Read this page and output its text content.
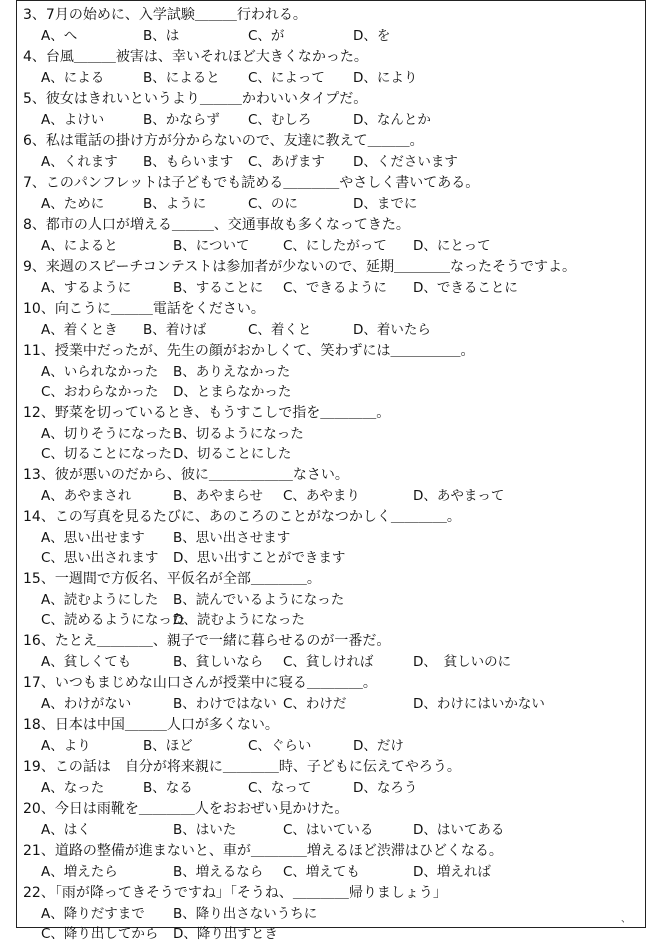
3、7月の始めに、入学試験＿＿＿行われる。
A、へ	B、は	C、が	D、を
4、台風＿＿＿被害は、幸いそれほど大きくなかった。
A、による	B、によると C、によって D、により
5、彼女はきれいというより＿＿＿かわいいタイプだ。
A、よけい	B、かならず C、むしろ	D、なんとか
6、私は電話の掛け方が分からないので、友達に教えて＿＿＿。
A、くれます B、もらいます C、あげます D、くださいます
7、このパンフレットは子どもでも読める＿＿＿＿やさしく書いてある。
A、ために	B、ように	C、のに	D、までに
8、都市の人口が増える＿＿＿、交通事故も多くなってきた。
A、によると	B、について C、にしたがって D、にとって
9、来週のスピーチコンテストは参加者が少ないので、延期＿＿＿＿なったそうですよ。
A、するように	B、することに C、できるように D、できることに
10、向こうに＿＿＿電話をください。
A、着くとき B、着けば	C、着くと	D、着いたら
11、授業中だったが、先生の顔がおかしくて、笑わずには＿＿＿＿＿。
A、いられなかった B、ありえなかった
C、おわらなかった D、とまらなかった
12、野菜を切っているとき、もうすこしで指を＿＿＿＿。
A、切りそうになった B、切るようになった
C、切ることになった D、切ることにした
13、彼が悪いのだから、彼に＿＿＿＿＿＿なさい。
A、あやまされ	B、あやまらせ C、あやまり	D、あやまって
14、この写真を見るたびに、あのころのことがなつかしく＿＿＿＿。
A、思い出せます B、思い出させます
C、思い出されます D、思い出すことができます
15、一週間で方仮名、平仮名が全部＿＿＿＿。
A、読むようにした B、読んでいるようになった
C、読めるようになった
D、読むようになった
16、たとえ＿＿＿＿、親子で一緒に暮らせるのが一番だ。
A、貧しくても	B、貧しいなら C、貧しければ	D、　貧しいのに
17、いつもまじめな山口さんが授業中に寝る＿＿＿＿。
A、わけがない	B、わけではない C、わけだ	D、わけにはいかない
18、日本は中国＿＿＿人口が多くない。
A、より	B、ほど	C、ぐらい	D、だけ
19、この話は　自分が将来親に＿＿＿＿時、子どもに伝えてやろう。
A、なった	B、なる	C、なって	D、なろう
20、今日は雨靴を＿＿＿＿人をおおぜい見かけた。
A、はく	B、はいた	C、はいている	D、はいてある
21、道路の整備が進まないと、車が＿＿＿＿増えるほど渋滞はひどくなる。
A、増えたら	B、増えるなら C、増えても	D、増えれば
22、「雨が降ってきそうですね」「そうね、＿＿＿＿帰りましょう」
A、降りだすまで B、降り出さないうちに
C、降り出してから D、降り出すとき
、
